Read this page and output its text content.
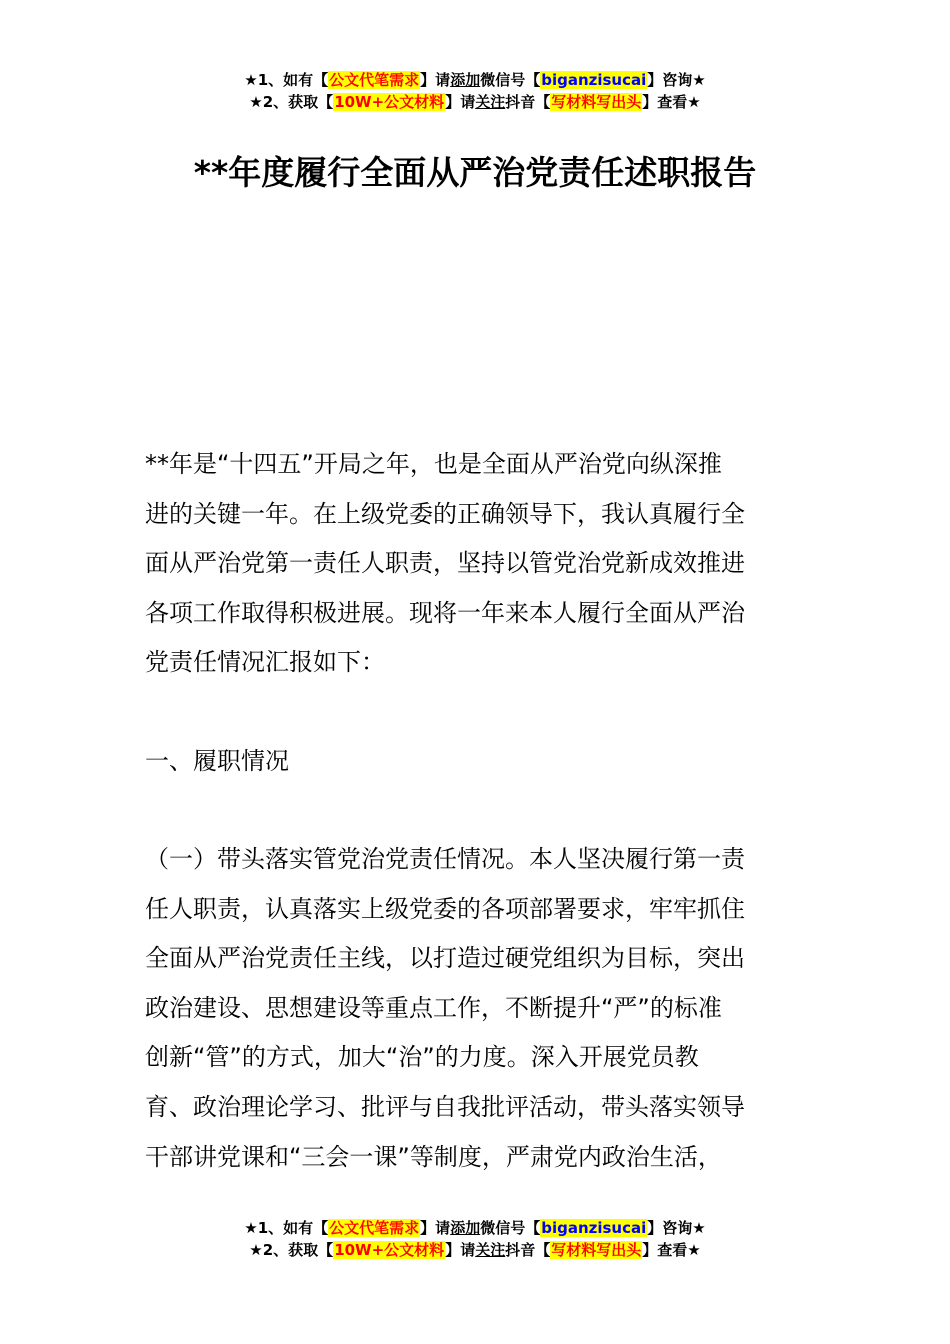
★1、如有【公文代笔需求】请添加微信号【biganzisucai】咨询★
★2、获取【10W+公文材料】请关注抖音【写材料写出头】查看★
**年度履行全面从严治党责任述职报告
**年是“十四五”开局之年，也是全面从严治党向纵深推
进的关键一年。在上级党委的正确领导下，我认真履行全
面从严治党第一责任人职责，坚持以管党治党新成效推进
各项工作取得积极进展。现将一年来本人履行全面从严治
党责任情况汇报如下：
一、履职情况
（一）带头落实管党治党责任情况。本人坚决履行第一责
任人职责，认真落实上级党委的各项部署要求，牢牢抓住
全面从严治党责任主线，以打造过硬党组织为目标，突出
政治建设、思想建设等重点工作，不断提升“严”的标准
创新“管”的方式，加大“治”的力度。深入开展党员教
育、政治理论学习、批评与自我批评活动，带头落实领导
干部讲党课和“三会一课”等制度，严肃党内政治生活，
★1、如有【公文代笔需求】请添加微信号【biganzisucai】咨询★
★2、获取【10W+公文材料】请关注抖音【写材料写出头】查看★
